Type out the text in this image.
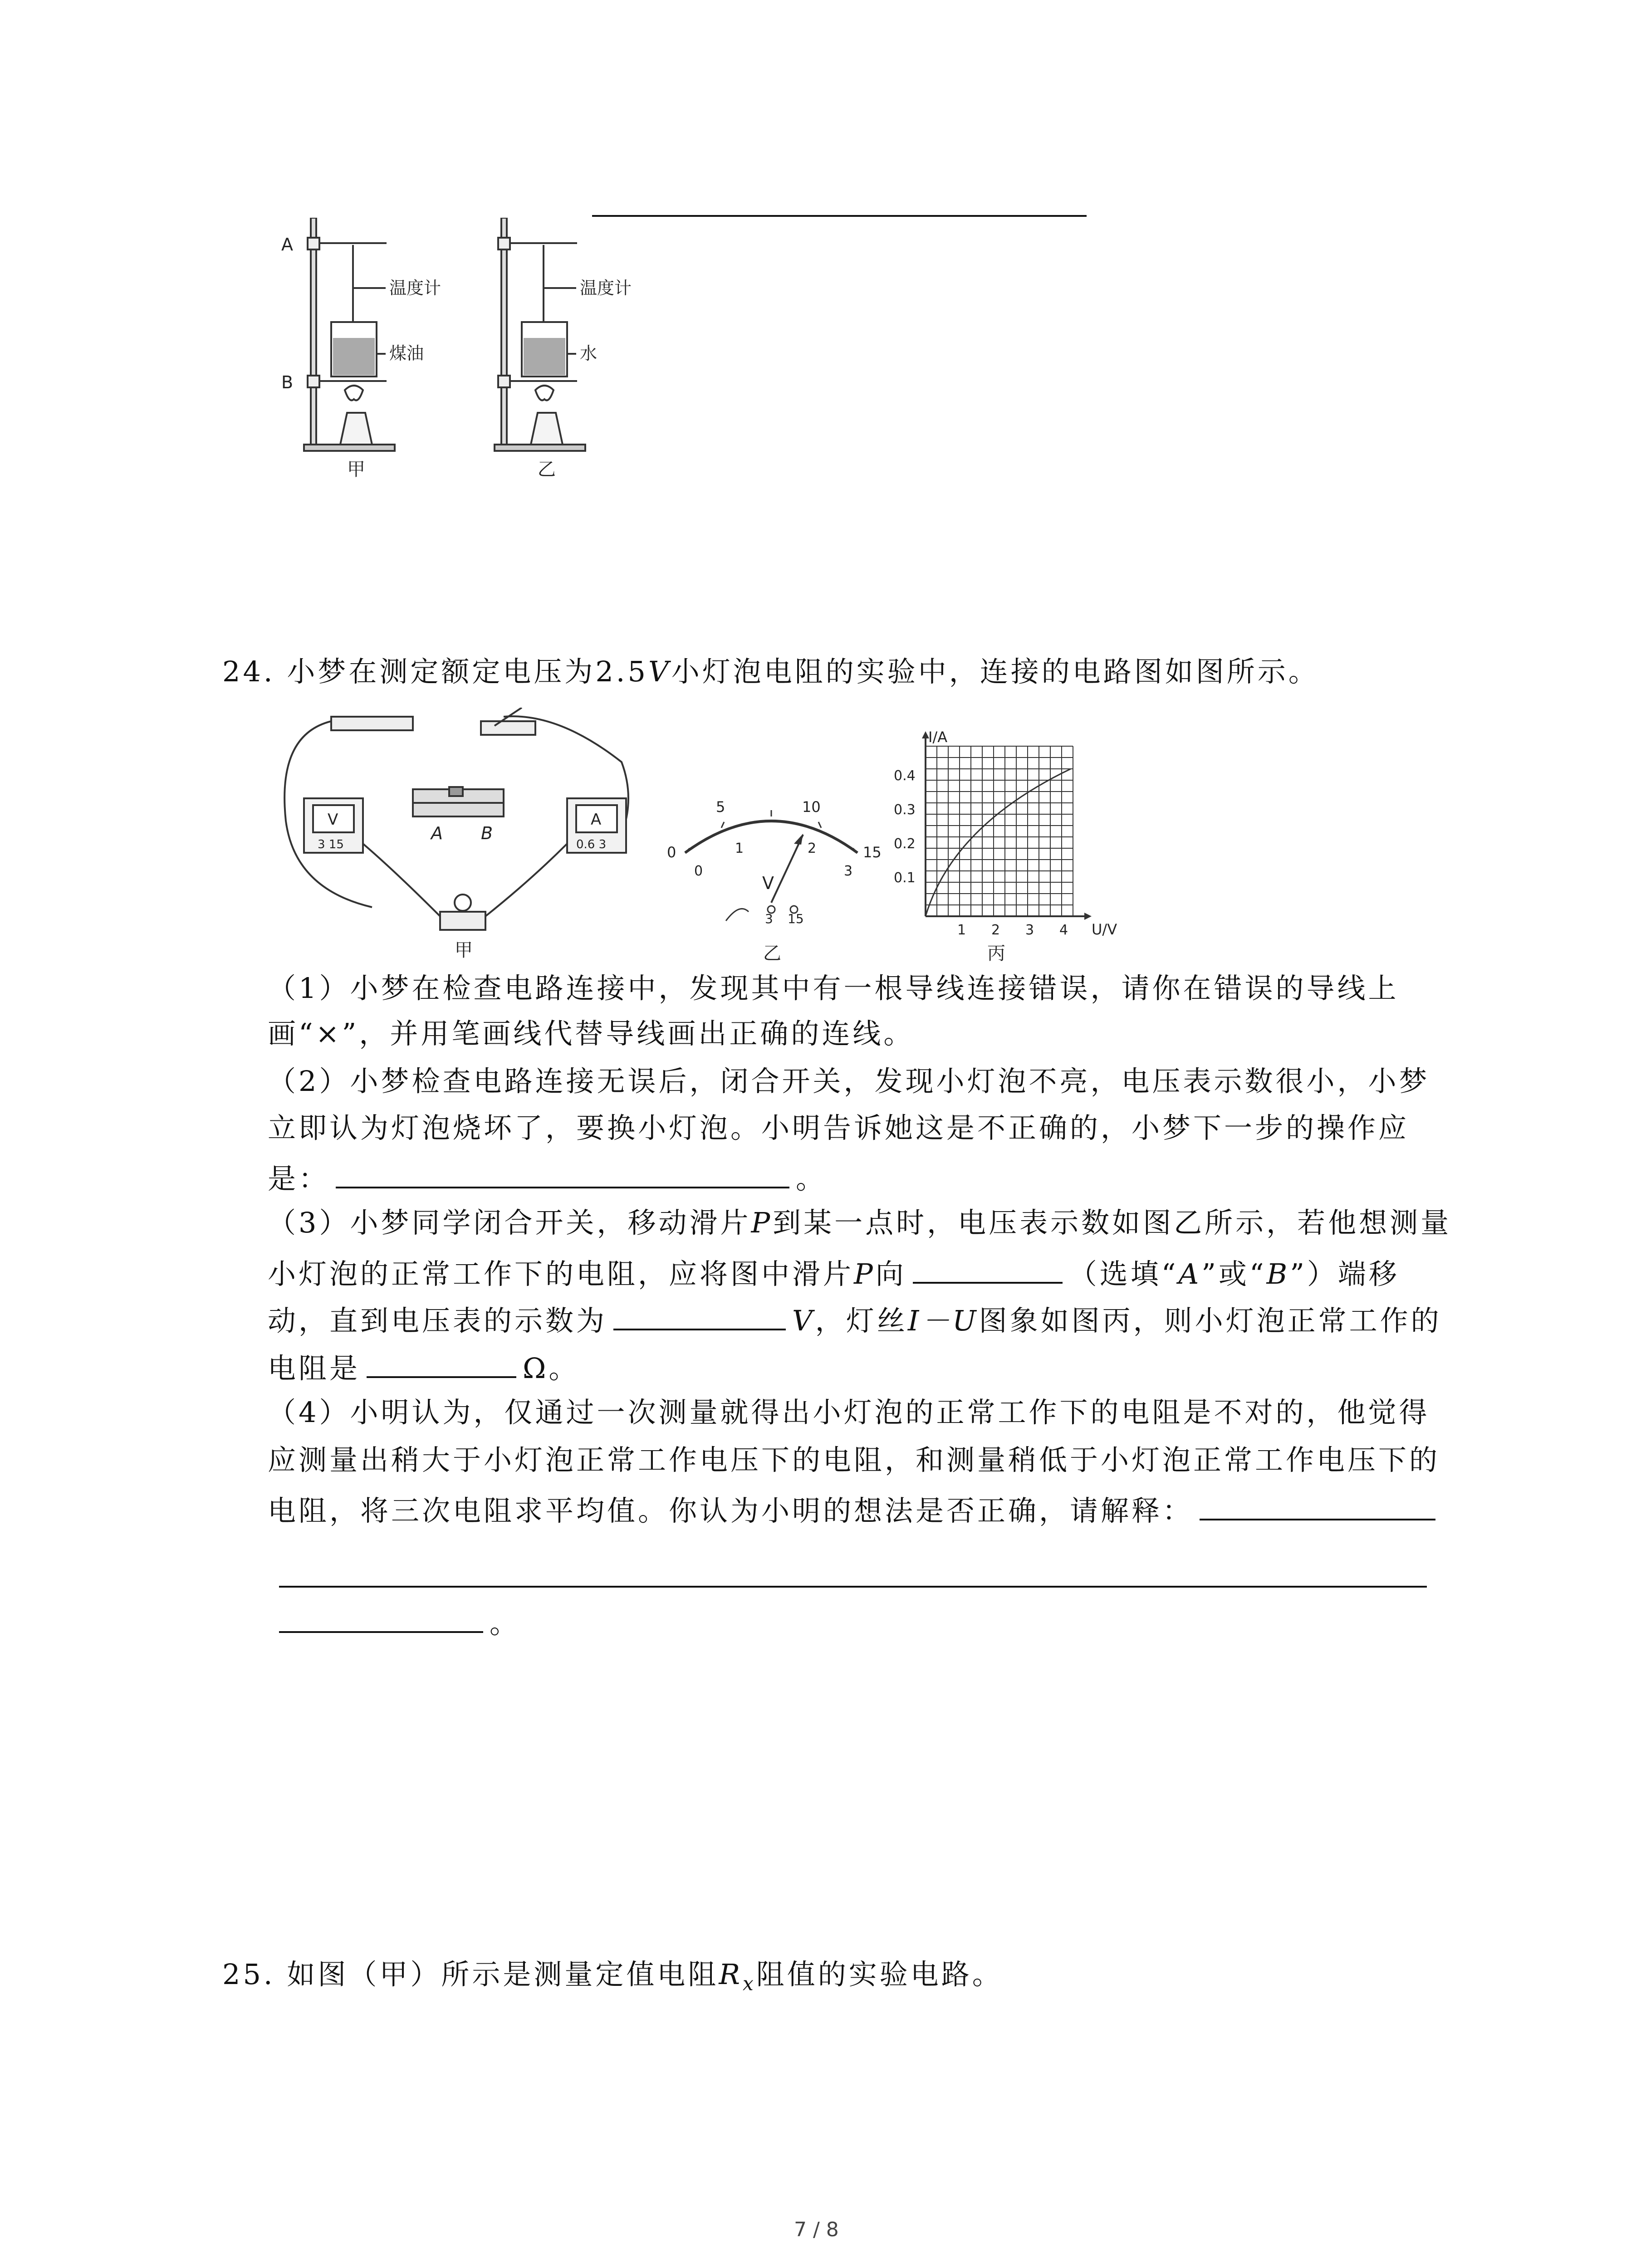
A
B
温度计
煤油
甲
温度计
水
乙
24. 小梦在测定额定电压为2.5V小灯泡电阻的实验中，连接的电路图如图所示。
V	A
3 15	0.6 3
A B
甲
0
5	10
15
0
1	2
3
V
3 15
乙
I/A
U/V
0.1
0.2
0.3
0.4
1 2 3 4
丙
（1）小梦在检查电路连接中，发现其中有一根导线连接错误，请你在错误的导线上
画“×”，并用笔画线代替导线画出正确的连线。
（2）小梦检查电路连接无误后，闭合开关，发现小灯泡不亮，电压表示数很小，小梦
立即认为灯泡烧坏了，要换小灯泡。小明告诉她这是不正确的，小梦下一步的操作应
是：	。
（3）小梦同学闭合开关，移动滑片P到某一点时，电压表示数如图乙所示，若他想测量
小灯泡的正常工作下的电阻，应将图中滑片P向	（选填“A”或“B”）端移
动，直到电压表的示数为	V，灯丝I－U图象如图丙，则小灯泡正常工作的
电阻是	Ω。
（4）小明认为，仅通过一次测量就得出小灯泡的正常工作下的电阻是不对的，他觉得
应测量出稍大于小灯泡正常工作电压下的电阻，和测量稍低于小灯泡正常工作电压下的
电阻，将三次电阻求平均值。你认为小明的想法是否正确，请解释：
。
25. 如图（甲）所示是测量定值电阻$R_x$阻值的实验电路。
7 / 8
